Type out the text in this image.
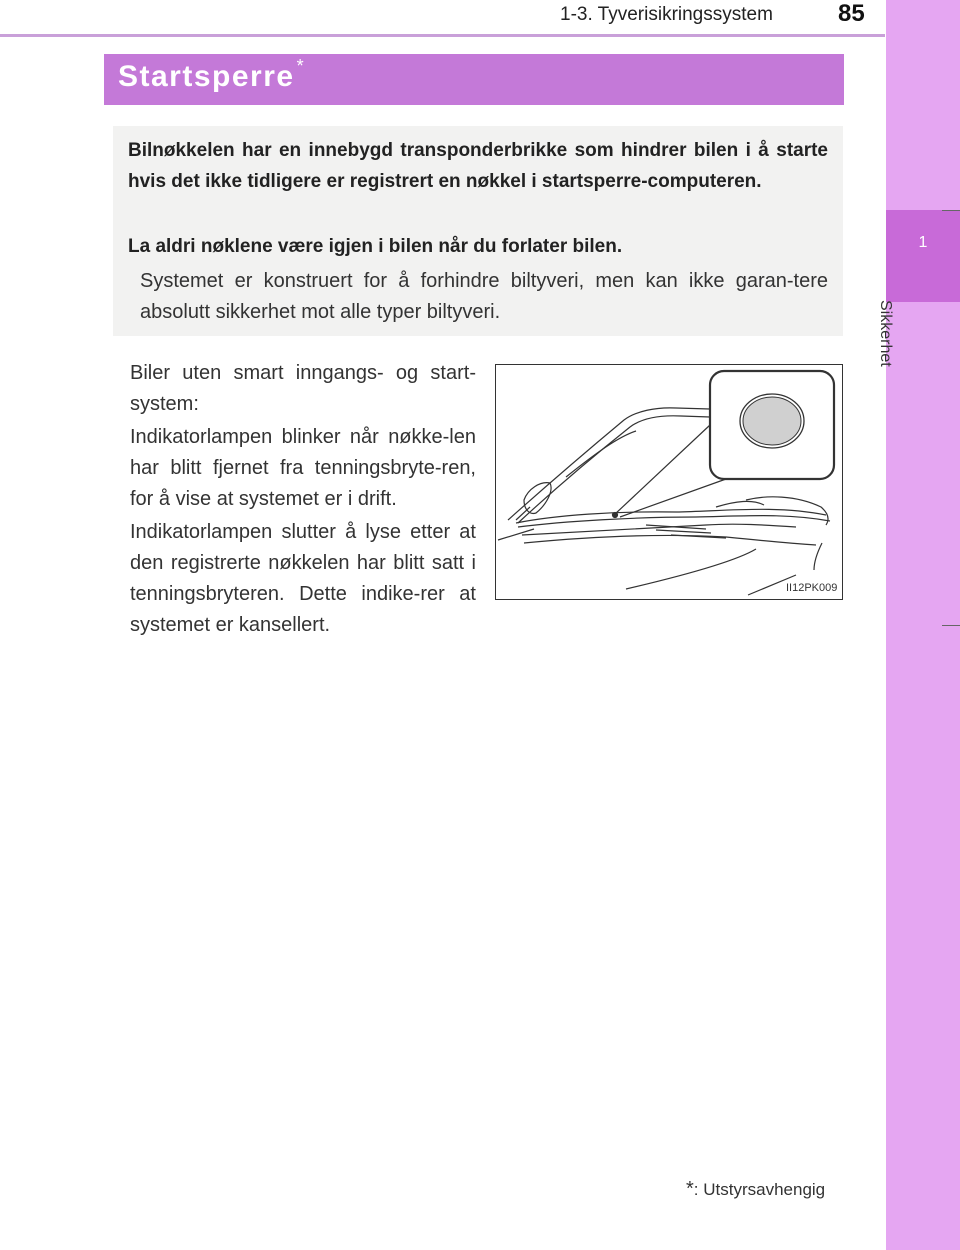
1-3. Tyverisikringssystem	85
1
Sikkerhet
Startsperre *
Bilnøkkelen har en innebygd transponderbrikke som hindrer bilen i å starte hvis det ikke tidligere er registrert en nøkkel i startsperre-computeren.
La aldri nøklene være igjen i bilen når du forlater bilen.
Systemet er konstruert for å forhindre biltyveri, men kan ikke garan-tere absolutt sikkerhet mot alle typer biltyveri.
Biler uten smart inngangs- og start-system:
Indikatorlampen blinker når nøkke-len har blitt fjernet fra tenningsbryte-ren, for å vise at systemet er i drift.
Indikatorlampen slutter å lyse etter at den registrerte nøkkelen har blitt satt i tenningsbryteren. Dette indike-rer at systemet er kansellert.
II12PK009
*: Utstyrsavhengig
